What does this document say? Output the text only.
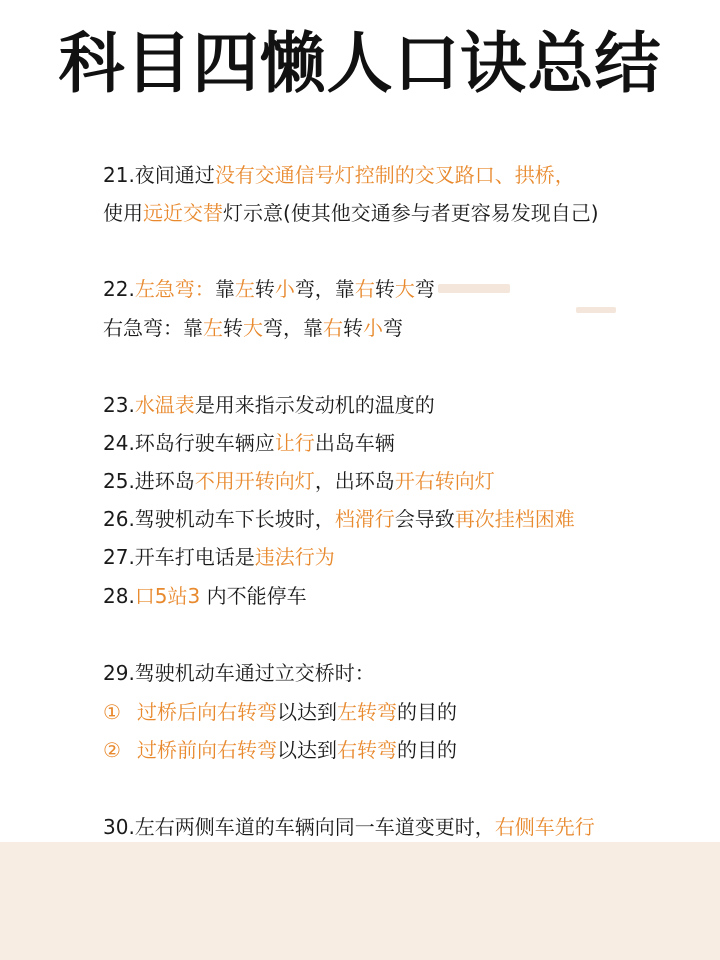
科目四懒人口诀总结
21.夜间通过没有交通信号灯控制的交叉路口、拱桥，
使用远近交替灯示意(使其他交通参与者更容易发现自己)
22.左急弯：靠左转小弯，靠右转大弯
右急弯：靠左转大弯，靠右转小弯
23.水温表是用来指示发动机的温度的
24.环岛行驶车辆应让行出岛车辆
25.进环岛不用开转向灯，出环岛开右转向灯
26.驾驶机动车下长坡时，档滑行会导致再次挂档困难
27.开车打电话是违法行为
28.口5站3 内不能停车
29.驾驶机动车通过立交桥时：
① 过桥后向右转弯以达到左转弯的目的
② 过桥前向右转弯以达到右转弯的目的
30.左右两侧车道的车辆向同一车道变更时，右侧车先行
